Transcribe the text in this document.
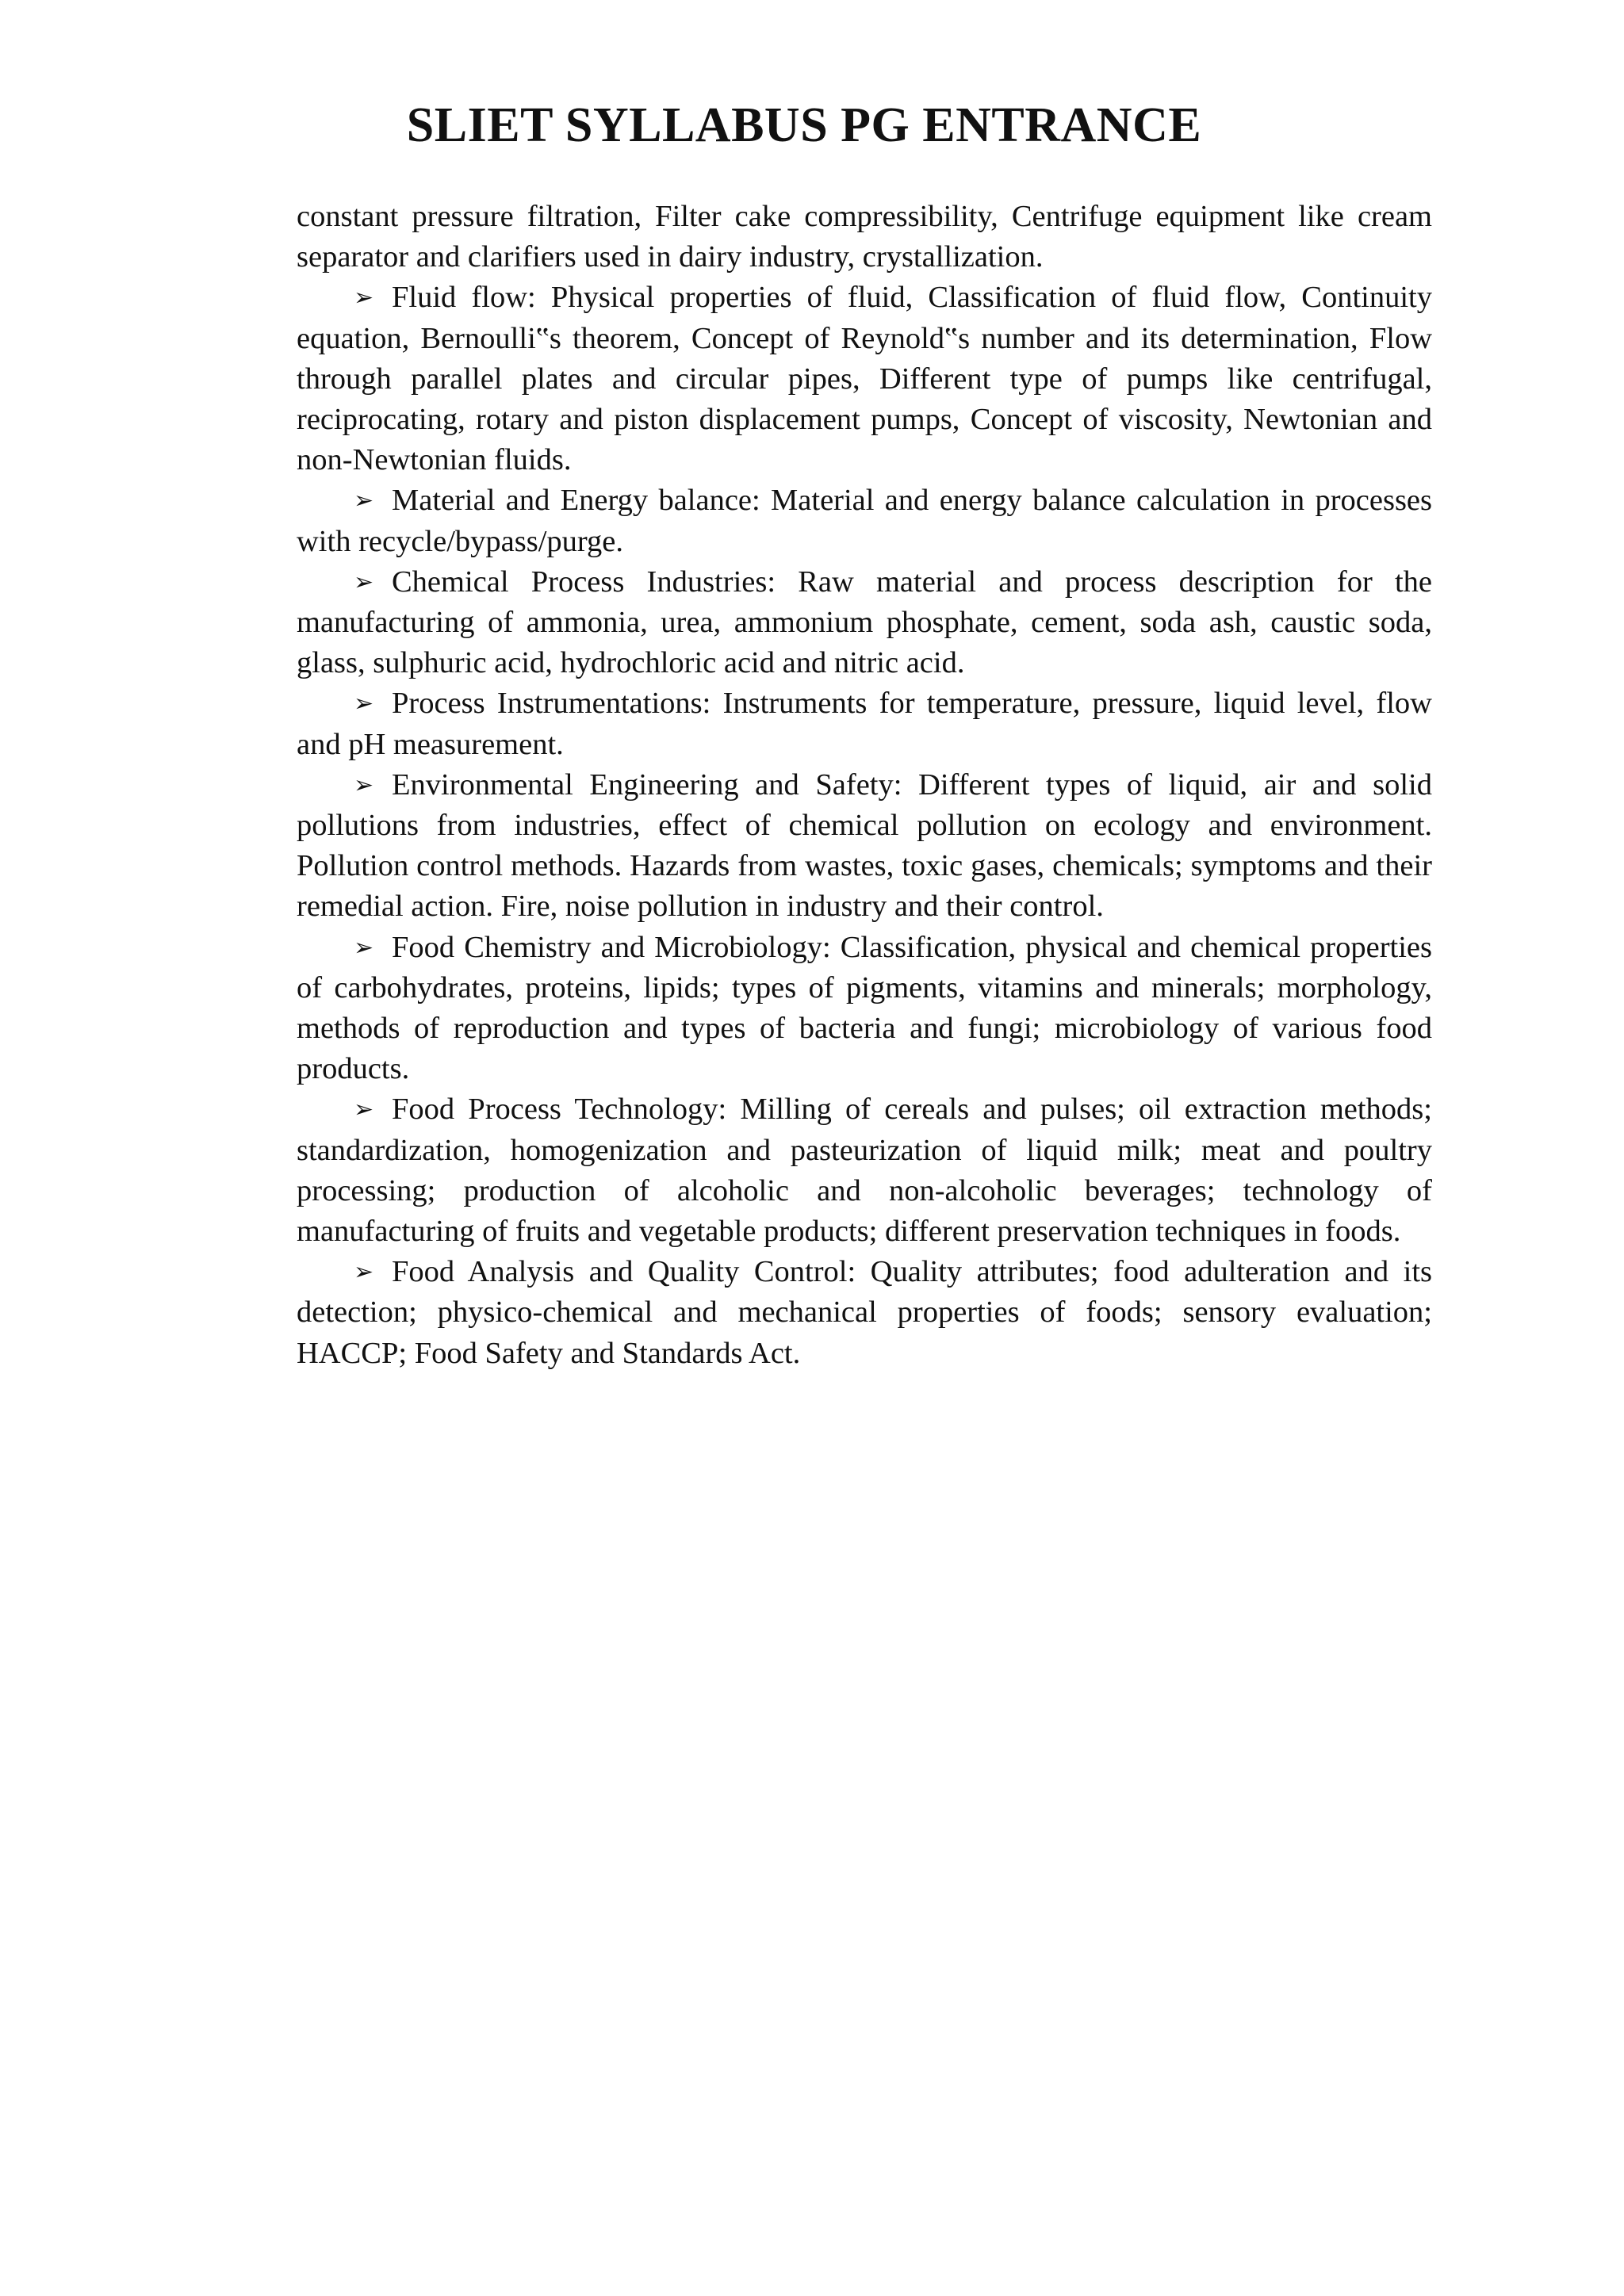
SLIET SYLLABUS PG ENTRANCE

constant pressure filtration, Filter cake compressibility, Centrifuge equipment like cream separator and clarifiers used in dairy industry, crystallization.

➢ Fluid flow: Physical properties of fluid, Classification of fluid flow, Continuity equation, Bernoulli‟s theorem, Concept of Reynold‟s number and its determination, Flow through parallel plates and circular pipes, Different type of pumps like centrifugal, reciprocating, rotary and piston displacement pumps, Concept of viscosity, Newtonian and non-Newtonian fluids.

➢ Material and Energy balance: Material and energy balance calculation in processes with recycle/bypass/purge.

➢ Chemical Process Industries: Raw material and process description for the manufacturing of ammonia, urea, ammonium phosphate, cement, soda ash, caustic soda, glass, sulphuric acid, hydrochloric acid and nitric acid.

➢ Process Instrumentations: Instruments for temperature, pressure, liquid level, flow and pH measurement.

➢ Environmental Engineering and Safety: Different types of liquid, air and solid pollutions from industries, effect of chemical pollution on ecology and environment. Pollution control methods. Hazards from wastes, toxic gases, chemicals; symptoms and their remedial action. Fire, noise pollution in industry and their control.

➢ Food Chemistry and Microbiology: Classification, physical and chemical properties of carbohydrates, proteins, lipids; types of pigments, vitamins and minerals; morphology, methods of reproduction and types of bacteria and fungi; microbiology of various food products.

➢ Food Process Technology: Milling of cereals and pulses; oil extraction methods; standardization, homogenization and pasteurization of liquid milk; meat and poultry processing; production of alcoholic and non-alcoholic beverages; technology of manufacturing of fruits and vegetable products; different preservation techniques in foods.

➢ Food Analysis and Quality Control: Quality attributes; food adulteration and its detection; physico-chemical and mechanical properties of foods; sensory evaluation; HACCP; Food Safety and Standards Act.
